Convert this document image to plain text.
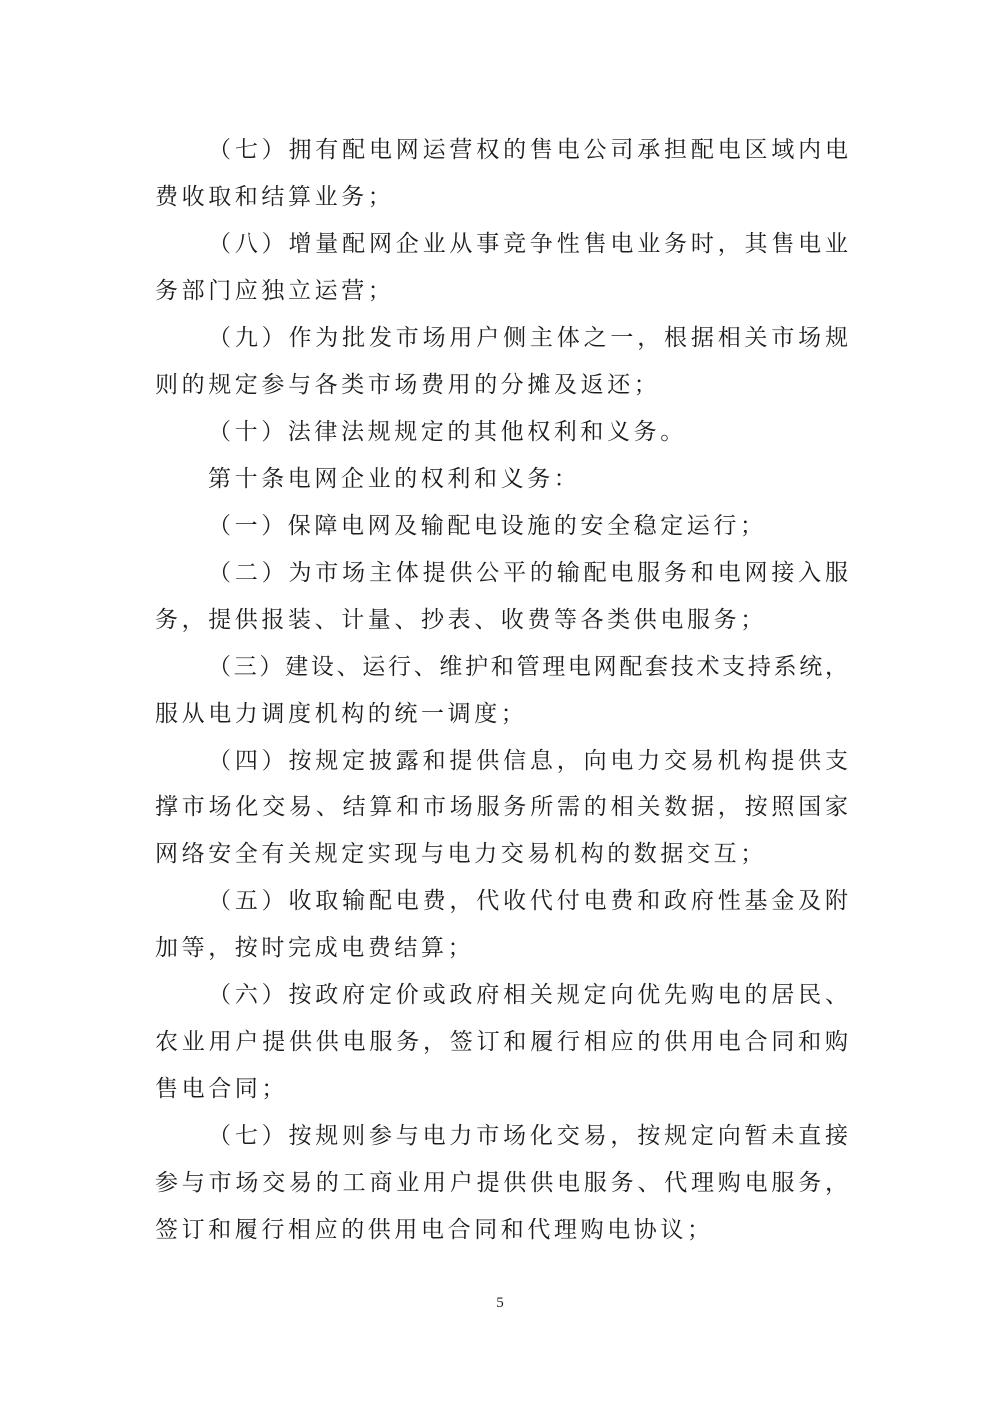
（七）拥有配电网运营权的售电公司承担配电区域内电
费收取和结算业务；
（八）增量配网企业从事竞争性售电业务时，其售电业
务部门应独立运营；
（九）作为批发市场用户侧主体之一，根据相关市场规
则的规定参与各类市场费用的分摊及返还；
（十）法律法规规定的其他权利和义务。
第十条电网企业的权利和义务：
（一）保障电网及输配电设施的安全稳定运行；
（二）为市场主体提供公平的输配电服务和电网接入服
务，提供报装、计量、抄表、收费等各类供电服务；
（三）建设、运行、维护和管理电网配套技术支持系统，
服从电力调度机构的统一调度；
（四）按规定披露和提供信息，向电力交易机构提供支
撑市场化交易、结算和市场服务所需的相关数据，按照国家
网络安全有关规定实现与电力交易机构的数据交互；
（五）收取输配电费，代收代付电费和政府性基金及附
加等，按时完成电费结算；
（六）按政府定价或政府相关规定向优先购电的居民、
农业用户提供供电服务，签订和履行相应的供用电合同和购
售电合同；
（七）按规则参与电力市场化交易，按规定向暂未直接
参与市场交易的工商业用户提供供电服务、代理购电服务，
签订和履行相应的供用电合同和代理购电协议；
5
